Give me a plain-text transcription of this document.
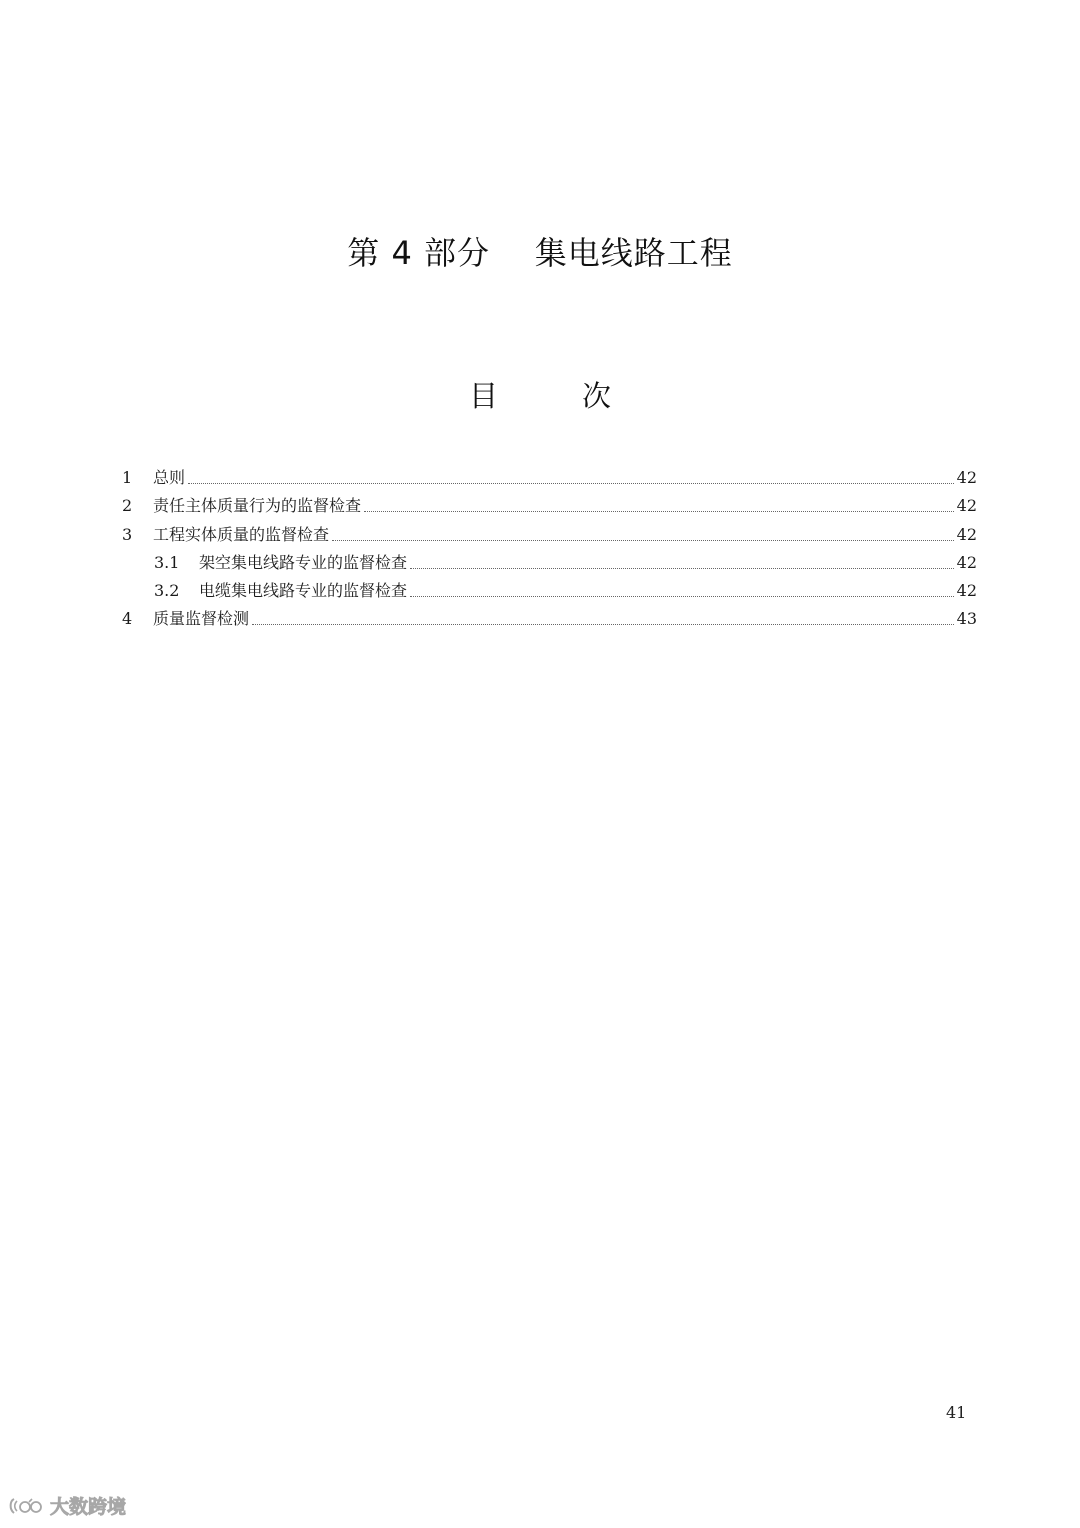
第 4 部分    集电线路工程
目	次
1	总则	42
2	责任主体质量行为的监督检查	42
3	工程实体质量的监督检查	42
3.1	架空集电线路专业的监督检查	42
3.2	电缆集电线路专业的监督检查	42
4	质量监督检测	43
41
大数跨境
